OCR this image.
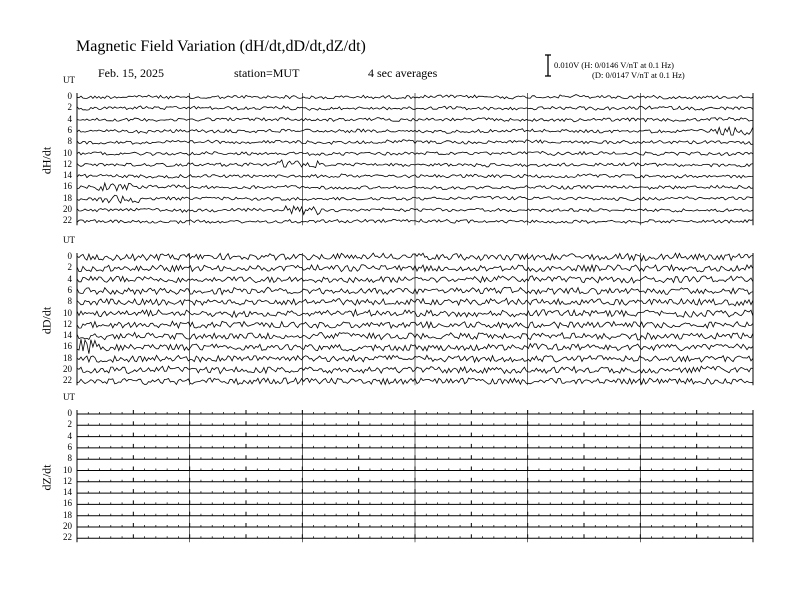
Magnetic Field Variation (dH/dt,dD/dt,dZ/dt)
Feb. 15, 2025	station=MUT	4 sec averages
0.010V (H: 0/0146 V/nT at 0.1 Hz)
(D: 0/0147 V/nT at 0.1 Hz)
UT
dH/dt
0
2
4
6
8
10
12
14
16
18
20
22
UT
dD/dt
0
2
4
6
8
10
12
14
16
18
20
22
UT
dZ/dt
0
2
4
6
8
10
12
14
16
18
20
22
